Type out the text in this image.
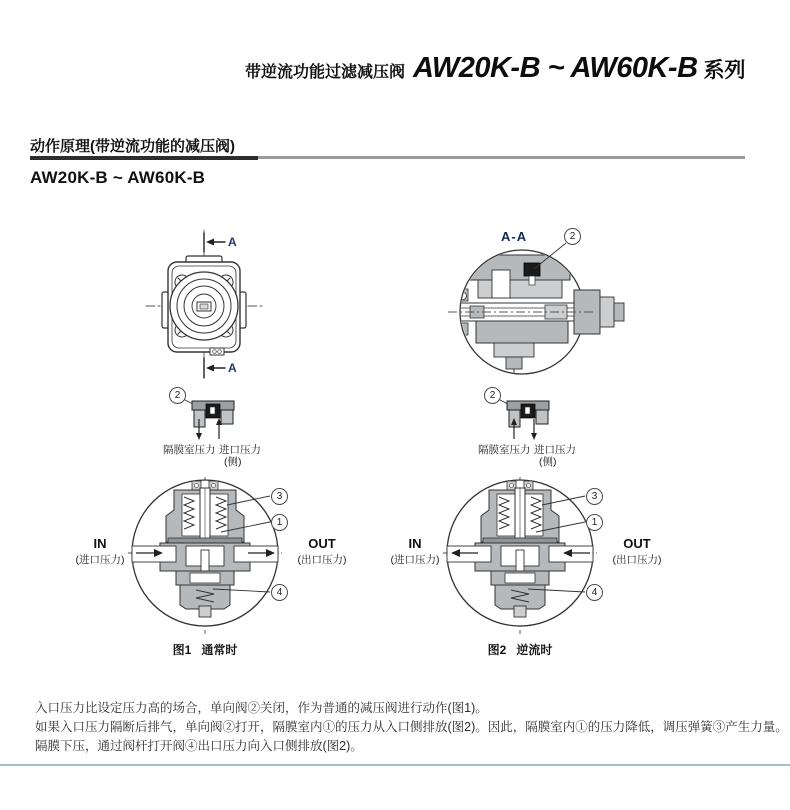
带逆流功能过滤减压阀 AW20K-B ~ AW60K-B 系列
动作原理(带逆流功能的减压阀)
AW20K-B ~ AW60K-B
A
A
A-A	2
2
隔膜室压力 进口压力
(侧)
2
隔膜室压力 进口压力
(侧)
IN
(进口压力)
OUT
(出口压力)
IN
(进口压力)
OUT
(出口压力)
3
1
4
3
1
4
图1 通常时	图2 逆流时
入口压力比设定压力高的场合，单向阀②关闭，作为普通的减压阀进行动作(图1)。
如果入口压力隔断后排气，单向阀②打开，隔膜室内①的压力从入口侧排放(图2)。因此，隔膜室内①的压力降低，调压弹簧③产生力量。
隔膜下压，通过阀杆打开阀④出口压力向入口侧排放(图2)。
